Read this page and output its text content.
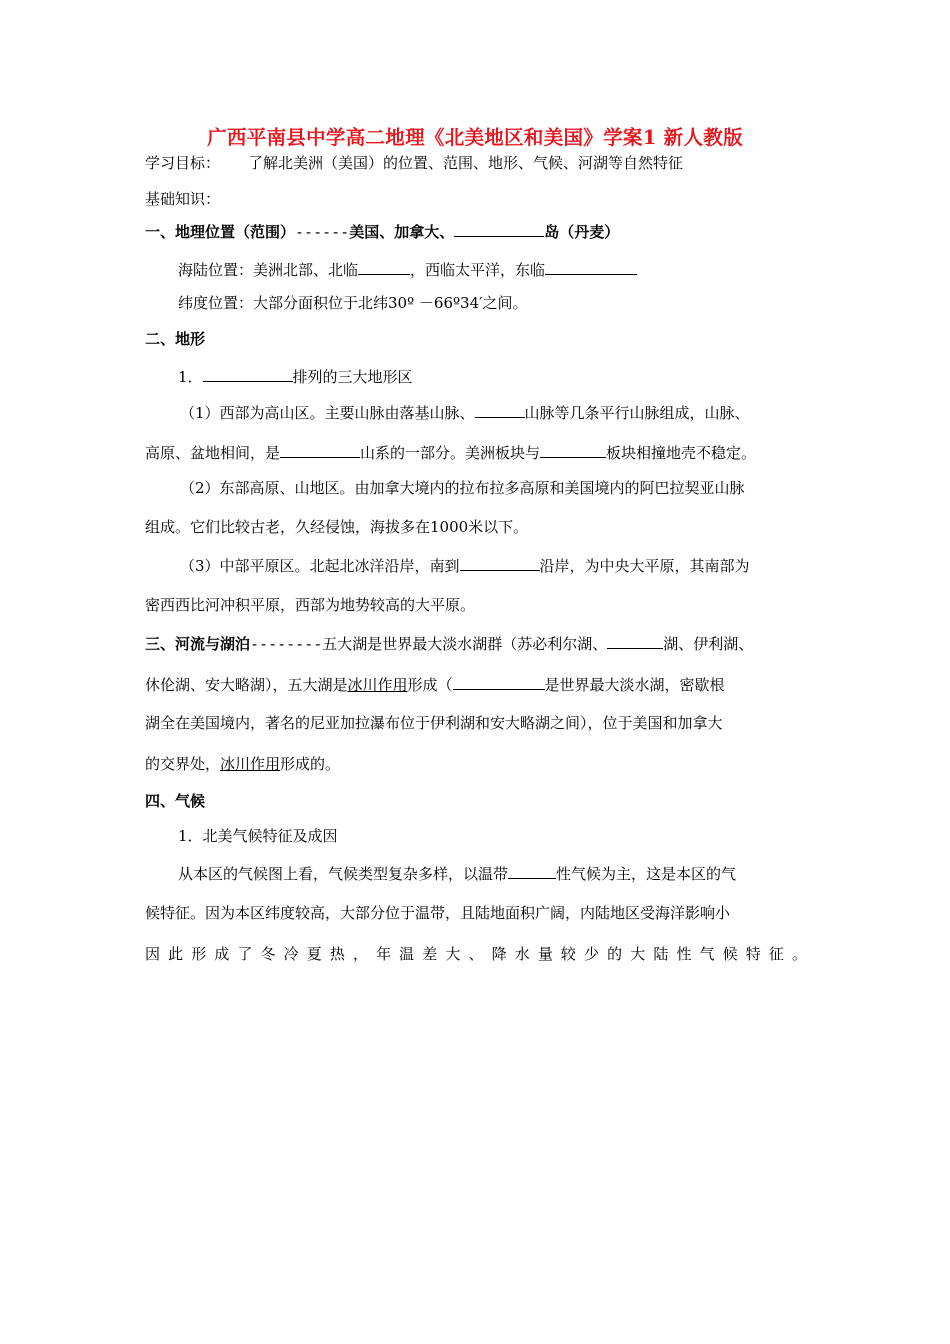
广西平南县中学高二地理《北美地区和美国》学案1 新人教版
学习目标： 了解北美洲（美国）的位置、范围、地形、气候、河湖等自然特征
基础知识：
一、地理位置（范围）------美国、加拿大、	岛（丹麦）
海陆位置：美洲北部、北临	，西临太平洋，东临
纬度位置：大部分面积位于北纬30º －66º34′之间。
二、地形
1．	排列的三大地形区
（1）西部为高山区。主要山脉由落基山脉、	山脉等几条平行山脉组成，山脉、
高原、盆地相间，是	山系的一部分。美洲板块与	板块相撞地壳不稳定。
（2）东部高原、山地区。由加拿大境内的拉布拉多高原和美国境内的阿巴拉契亚山脉
组成。它们比较古老，久经侵蚀，海拔多在1000米以下。
（3）中部平原区。北起北冰洋沿岸，南到	沿岸，为中央大平原，其南部为
密西西比河冲积平原，西部为地势较高的大平原。
三、河流与湖泊--------五大湖是世界最大淡水湖群（苏必利尔湖、	湖、伊利湖、
休伦湖、安大略湖），五大湖是冰川作用形成（	是世界最大淡水湖，密歇根
湖全在美国境内，著名的尼亚加拉瀑布位于伊利湖和安大略湖之间），位于美国和加拿大
的交界处，冰川作用形成的。
四、气候
1．北美气候特征及成因
从本区的气候图上看，气候类型复杂多样，以温带	性气候为主，这是本区的气
候特征。因为本区纬度较高，大部分位于温带，且陆地面积广阔，内陆地区受海洋影响小
因此形成了冬冷夏热，年温差大、降水量较少的大陆性气候特征。
